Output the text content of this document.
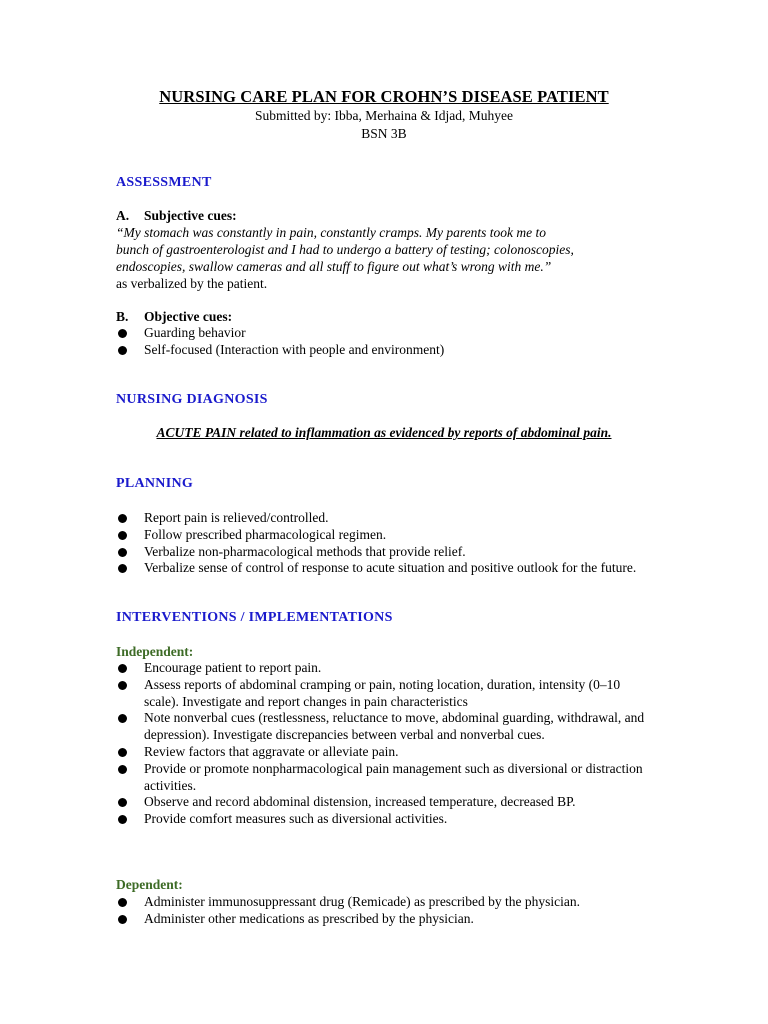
NURSING CARE PLAN FOR CROHN’S DISEASE PATIENT
Submitted by: Ibba, Merhaina & Idjad, Muhyee
BSN 3B
ASSESSMENT
A. Subjective cues:
“My stomach was constantly in pain, constantly cramps. My parents took me to
bunch of gastroenterologist and I had to undergo a battery of testing; colonoscopies,
endoscopies, swallow cameras and all stuff to figure out what’s wrong with me.”
as verbalized by the patient.
B. Objective cues:
Guarding behavior
Self-focused (Interaction with people and environment)
NURSING DIAGNOSIS
ACUTE PAIN related to inflammation as evidenced by reports of abdominal pain.
PLANNING
Report pain is relieved/controlled.
Follow prescribed pharmacological regimen.
Verbalize non-pharmacological methods that provide relief.
Verbalize sense of control of response to acute situation and positive outlook for the future.
INTERVENTIONS / IMPLEMENTATIONS
Independent:
Encourage patient to report pain.
Assess reports of abdominal cramping or pain, noting location, duration, intensity (0–10 scale). Investigate and report changes in pain characteristics
Note nonverbal cues (restlessness, reluctance to move, abdominal guarding, withdrawal, and depression). Investigate discrepancies between verbal and nonverbal cues.
Review factors that aggravate or alleviate pain.
Provide or promote nonpharmacological pain management such as diversional or distraction activities.
Observe and record abdominal distension, increased temperature, decreased BP.
Provide comfort measures such as diversional activities.
Dependent:
Administer immunosuppressant drug (Remicade) as prescribed by the physician.
Administer other medications as prescribed by the physician.
